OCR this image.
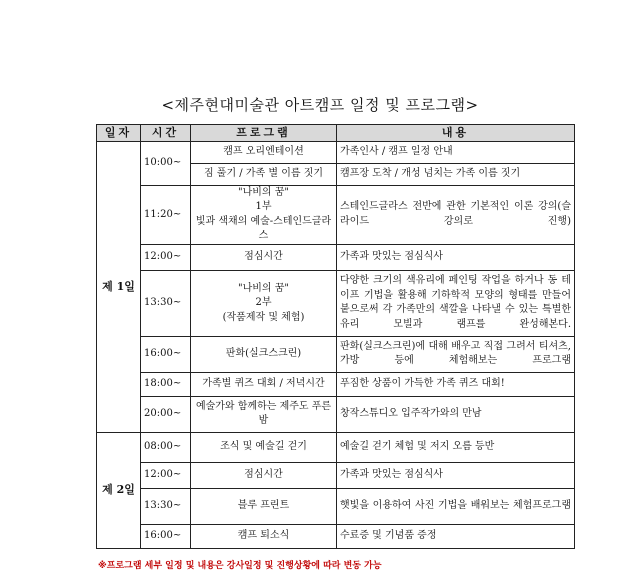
<제주현대미술관 아트캠프 일정 및 프로그램>
일자	시간	프로그램	내용
제 1일	10:00~	캠프 오리엔테이션	가족인사 / 캠프 일정 안내
		짐 풀기 / 가족 별 이름 짓기	캠프장 도착 / 개성 넘치는 가족 이름 짓기
	11:20~	"나비의 꿈"
1부
빛과 색채의 예술-스테인드글라스	스테인드글라스 전반에 관한 기본적인 이론 강의(슬라이드 강의로 진행)
	12:00~	점심시간	가족과 맛있는 점심식사
	13:30~	"나비의 꿈"
2부
(작품제작 및 체험)	다양한 크기의 색유리에 페인팅 작업을 하거나 동 테이프 기법을 활용해 기하학적 모양의 형태를 만들어 붙으로써 각 가족만의 색깔을 나타낼 수 있는 특별한 유리 모빌과 램프를 완성해본다.
	16:00~	판화(실크스크린)	판화(실크스크린)에 대해 배우고 직접 그려서 티셔츠, 가방 등에 체험해보는 프로그램
	18:00~	가족별 퀴즈 대회 / 저녁시간	푸짐한 상품이 가득한 가족 퀴즈 대회!
	20:00~	예술가와 함께하는 제주도 푸른밤	창작스튜디오 입주작가와의 만남
제 2일	08:00~	조식 및 예술길 걷기	예술길 걷기 체험 및 저지 오름 등반
	12:00~	점심시간	가족과 맛있는 점심식사
	13:30~	블루 프린트	햇빛을 이용하여 사진 기법을 배워보는 체험프로그램
	16:00~	캠프 퇴소식	수료증 및 기념품 증정
※프로그램 세부 일정 및 내용은 강사일정 및 진행상황에 따라 변동 가능
